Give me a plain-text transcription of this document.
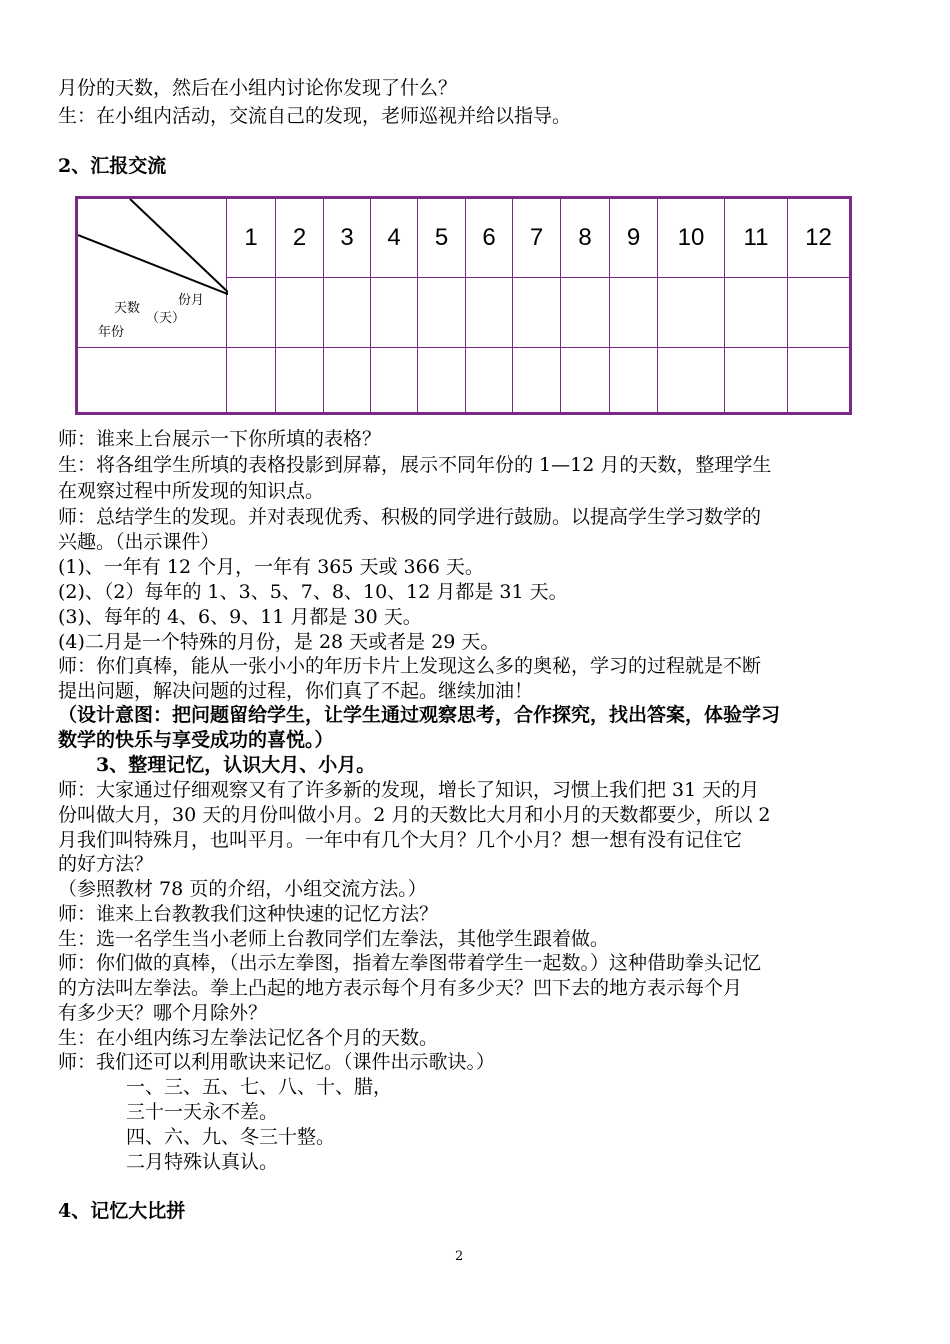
月份的天数，然后在小组内讨论你发现了什么？
生：在小组内活动，交流自己的发现，老师巡视并给以指导。
2、汇报交流
份月
天数
（天）
年份	1	2	3	4	5	6	7	8	9	10	11	12

师：谁来上台展示一下你所填的表格？
生：将各组学生所填的表格投影到屏幕，展示不同年份的 1—12 月的天数，整理学生
在观察过程中所发现的知识点。
师：总结学生的发现。并对表现优秀、积极的同学进行鼓励。以提高学生学习数学的
兴趣。（出示课件）
(1)、一年有 12 个月，一年有 365 天或 366 天。
(2)、（2）每年的 1、3、5、7、8、10、12 月都是 31 天。
(3)、每年的 4、6、9、11 月都是 30 天。
(4)二月是一个特殊的月份，是 28 天或者是 29 天。
师：你们真棒，能从一张小小的年历卡片上发现这么多的奥秘，学习的过程就是不断
提出问题，解决问题的过程，你们真了不起。继续加油！
（设计意图：把问题留给学生，让学生通过观察思考，合作探究，找出答案，体验学习
数学的快乐与享受成功的喜悦。）
3、整理记忆，认识大月、小月。
师：大家通过仔细观察又有了许多新的发现，增长了知识，习惯上我们把 31 天的月
份叫做大月，30 天的月份叫做小月。2 月的天数比大月和小月的天数都要少，所以 2
月我们叫特殊月，也叫平月。一年中有几个大月？几个小月？想一想有没有记住它
的好方法？
（参照教材 78 页的介绍，小组交流方法。）
师：谁来上台教教我们这种快速的记忆方法？
生：选一名学生当小老师上台教同学们左拳法，其他学生跟着做。
师：你们做的真棒，（出示左拳图，指着左拳图带着学生一起数。）这种借助拳头记忆
的方法叫左拳法。拳上凸起的地方表示每个月有多少天？凹下去的地方表示每个月
有多少天？哪个月除外？
生：在小组内练习左拳法记忆各个月的天数。
师：我们还可以利用歌诀来记忆。（课件出示歌诀。）
一、三、五、七、八、十、腊，
三十一天永不差。
四、六、九、冬三十整。
二月特殊认真认。
4、记忆大比拼
2
